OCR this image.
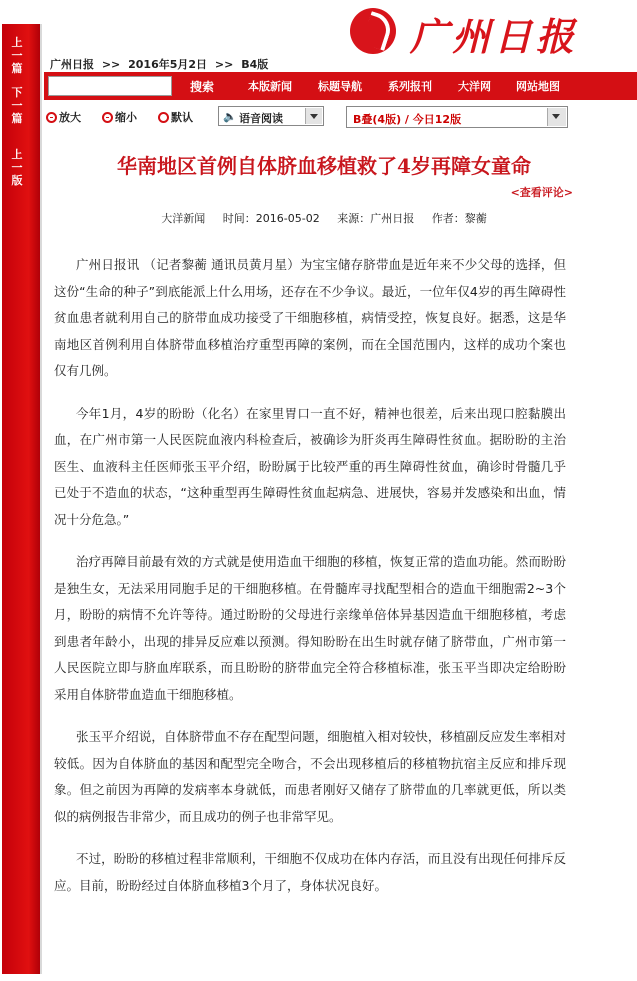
上
一
篇
下
一
篇
上
一
版
广州日报
广州日报 >> 2016年5月2日 >> B4版
搜索	本版新闻 标题导航 系列报刊 大洋网 网站地图
放大	缩小	默认	🔈 语音阅读	B叠(4版) / 今日12版
华南地区首例自体脐血移植救了4岁再障女童命
<查看评论>
大洋新闻 时间：2016-05-02 来源：广州日报 作者：黎蘅

广州日报讯 （记者黎蘅 通讯员黄月星）为宝宝储存脐带血是近年来不少父母的选择，但这份“生命的种子”到底能派上什么用场，还存在不少争议。最近，一位年仅4岁的再生障碍性贫血患者就利用自己的脐带血成功接受了干细胞移植，病情受控，恢复良好。据悉，这是华南地区首例利用自体脐带血移植治疗重型再障的案例，而在全国范围内，这样的成功个案也仅有几例。

今年1月，4岁的盼盼（化名）在家里胃口一直不好，精神也很差，后来出现口腔黏膜出血，在广州市第一人民医院血液内科检查后，被确诊为肝炎再生障碍性贫血。据盼盼的主治医生、血液科主任医师张玉平介绍，盼盼属于比较严重的再生障碍性贫血，确诊时骨髓几乎已处于不造血的状态，“这种重型再生障碍性贫血起病急、进展快，容易并发感染和出血，情况十分危急。”

治疗再障目前最有效的方式就是使用造血干细胞的移植，恢复正常的造血功能。然而盼盼是独生女，无法采用同胞手足的干细胞移植。在骨髓库寻找配型相合的造血干细胞需2~3个月，盼盼的病情不允许等待。通过盼盼的父母进行亲缘单倍体异基因造血干细胞移植，考虑到患者年龄小，出现的排异反应难以预测。得知盼盼在出生时就存储了脐带血，广州市第一人民医院立即与脐血库联系，而且盼盼的脐带血完全符合移植标准，张玉平当即决定给盼盼采用自体脐带血造血干细胞移植。

张玉平介绍说，自体脐带血不存在配型问题，细胞植入相对较快，移植副反应发生率相对较低。因为自体脐血的基因和配型完全吻合，不会出现移植后的移植物抗宿主反应和排斥现象。但之前因为再障的发病率本身就低，而患者刚好又储存了脐带血的几率就更低，所以类似的病例报告非常少，而且成功的例子也非常罕见。

不过，盼盼的移植过程非常顺利，干细胞不仅成功在体内存活，而且没有出现任何排斥反应。目前，盼盼经过自体脐血移植3个月了，身体状况良好。
